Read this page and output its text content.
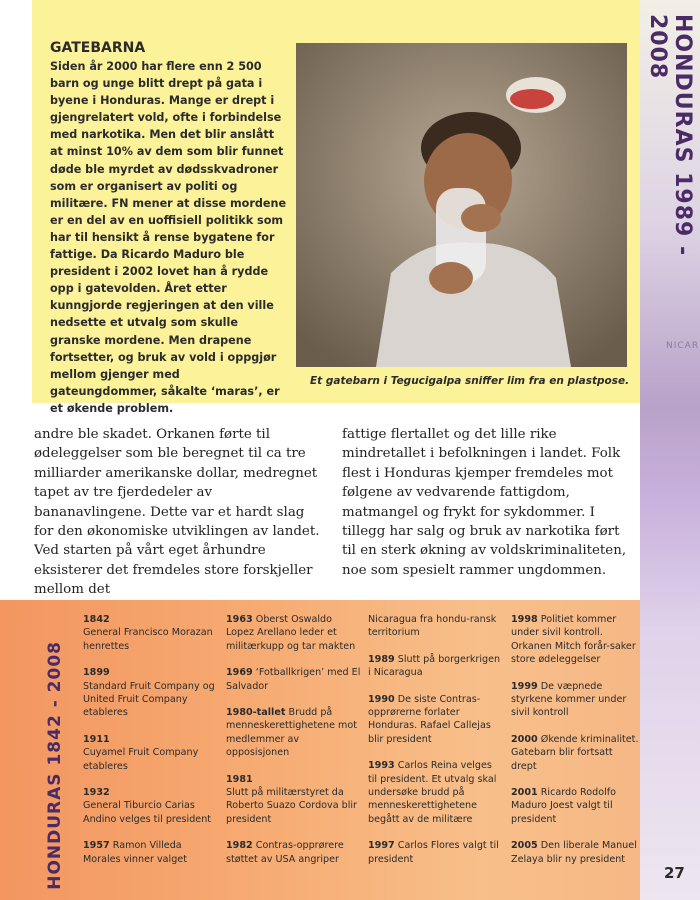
HONDURAS 1989 - 2008
NICAR
GATEBARNA
Siden år 2000 har flere enn 2 500 barn og unge blitt drept på gata i byene i Honduras. Mange er drept i gjengrelatert vold, ofte i forbindelse med narkotika. Men det blir anslått at minst 10% av dem som blir funnet døde ble myrdet av dødsskvadroner som er organisert av politi og militære. FN mener at disse mordene er en del av en uoffisiell politikk som har til hensikt å rense bygatene for fattige. Da Ricardo Maduro ble president i 2002 lovet han å rydde opp i gatevolden. Året etter kunngjorde regjeringen at den ville nedsette et utvalg som skulle granske mordene. Men drapene fortsetter, og bruk av vold i oppgjør mellom gjenger med gateungdommer, såkalte ‘maras’, er et økende problem.
Et gatebarn i Tegucigalpa sniffer lim fra en plastpose.

andre ble skadet. Orkanen førte til ødeleggelser som ble beregnet til ca tre milliarder amerikanske dollar, medregnet tapet av tre fjerdedeler av bananavlingene. Dette var et hardt slag for den økonomiske utviklingen av landet.

Ved starten på vårt eget århundre eksisterer det fremdeles store forskjeller mellom det

fattige flertallet og det lille rike mindretallet i befolkningen i landet. Folk flest i Honduras kjemper fremdeles mot følgene av vedvarende fattigdom, matmangel og frykt for sykdommer. I tillegg har salg og bruk av narkotika ført til en sterk økning av voldskriminaliteten, noe som spesielt rammer ungdommen.

HONDURAS 1842 - 2008
1842
General Francisco Morazan henrettes
1899
Standard Fruit Company og United Fruit Company etableres
1911
Cuyamel Fruit Company etableres
1932
General Tiburcio Carias Andino velges til president
1957 Ramon Villeda Morales vinner valget
1963 Oberst Oswaldo Lopez Arellano leder et militærkupp og tar makten
1969 ‘Fotballkrigen’ med El Salvador
1980-tallet Brudd på menneskerettighetene mot medlemmer av opposisjonen
1981
Slutt på militærstyret da Roberto Suazo Cordova blir president
1982 Contras-opprørere støttet av USA angriper
Nicaragua fra hondu-ransk territorium
1989 Slutt på borgerkrigen i Nicaragua
1990 De siste Contras-opprørerne forlater Honduras. Rafael Callejas blir president
1993 Carlos Reina velges til president. Et utvalg skal undersøke brudd på menneskerettighetene begått av de militære
1997 Carlos Flores valgt til president
1998 Politiet kommer under sivil kontroll. Orkanen Mitch forår-saker store ødeleggelser
1999 De væpnede styrkene kommer under sivil kontroll
2000 Økende kriminalitet. Gatebarn blir fortsatt drept
2001 Ricardo Rodolfo Maduro Joest valgt til president
2005 Den liberale Manuel Zelaya blir ny president
27
